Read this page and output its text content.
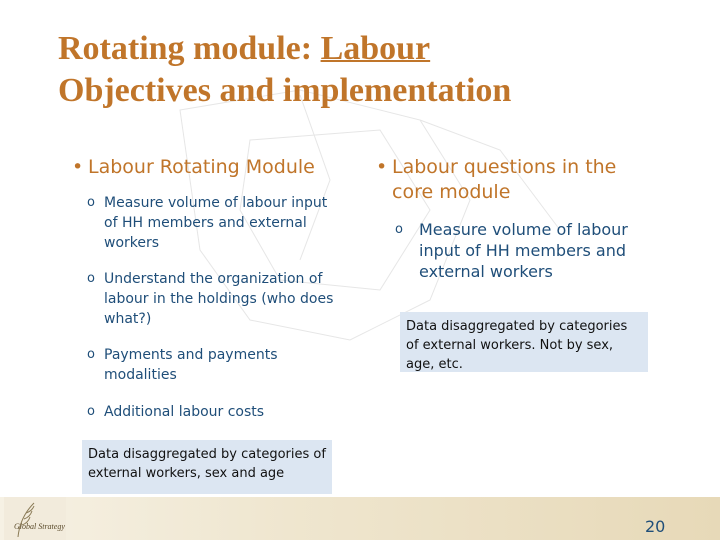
Rotating module: Labour
Objectives and implementation

• Labour Rotating Module

o Measure volume of labour input of HH members and external workers
o Understand the organization of labour in the holdings (who does what?)
o Payments and payments modalities
o Additional labour costs
Data disaggregated by categories of external workers, sex and age

• Labour questions in the core module

o Measure volume of labour input of HH members and external workers
Data disaggregated by categories of external workers. Not by sex, age, etc.
Global Strategy	20
